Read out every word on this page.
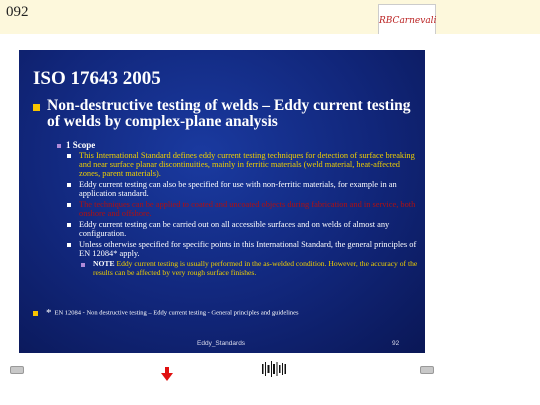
092
RBCarnevali
ISO 17643 2005
Non-destructive testing of welds – Eddy current testing of welds by complex-plane analysis
1 Scope
This International Standard defines eddy current testing techniques for detection of surface breaking and near surface planar discontinuities, mainly in ferritic materials (weld material, heat-affected zones, parent materials).
Eddy current testing can also be specified for use with non-ferritic materials, for example in an application standard.
The techniques can be applied to coated and uncoated objects during fabrication and in service, both onshore and offshore.
Eddy current testing can be carried out on all accessible surfaces and on welds of almost any configuration.
Unless otherwise specified for specific points in this International Standard, the general principles of EN 12084* apply.
NOTE Eddy current testing is usually performed in the as-welded condition. However, the accuracy of the results can be affected by very rough surface finishes.
* EN 12084 - Non destructive testing – Eddy current testing - General principles and guidelines
Eddy_Standards	92
